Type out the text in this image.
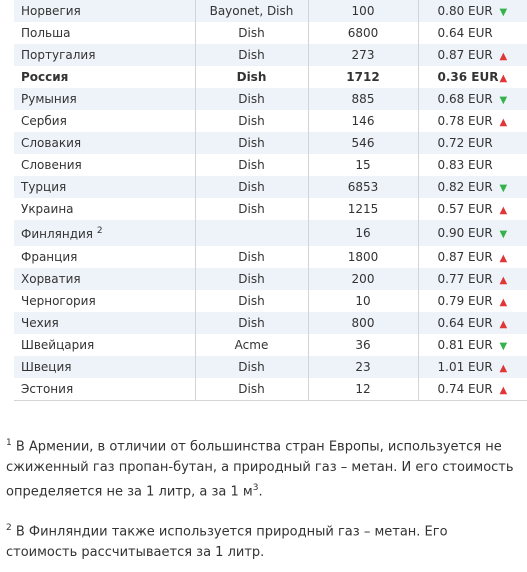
Норвегия	Bayonet, Dish	100	0.80 EUR ▼
Польша	Dish	6800	0.64 EUR
Португалия	Dish	273	0.87 EUR ▲
Россия	Dish	1712	0.36 EUR▲
Румыния	Dish	885	0.68 EUR ▼
Сербия	Dish	146	0.78 EUR ▲
Словакия	Dish	546	0.72 EUR
Словения	Dish	15	0.83 EUR
Турция	Dish	6853	0.82 EUR ▼
Украина	Dish	1215	0.57 EUR ▲
Финляндия $^2$		16	0.90 EUR ▼
Франция	Dish	1800	0.87 EUR ▲
Хорватия	Dish	200	0.77 EUR ▲
Черногория	Dish	10	0.79 EUR ▲
Чехия	Dish	800	0.64 EUR ▲
Швейцария	Acme	36	0.81 EUR ▼
Швеция	Dish	23	1.01 EUR ▲
Эстония	Dish	12	0.74 EUR ▲
$^1$ В Армении, в отличии от большинства стран Европы, используется не сжиженный газ пропан-бутан, а природный газ – метан. И его стоимость определяется не за 1 литр, а за 1 $м^3$.
$^2$ В Финляндии также используется природный газ – метан. Его стоимость рассчитывается за 1 литр.
